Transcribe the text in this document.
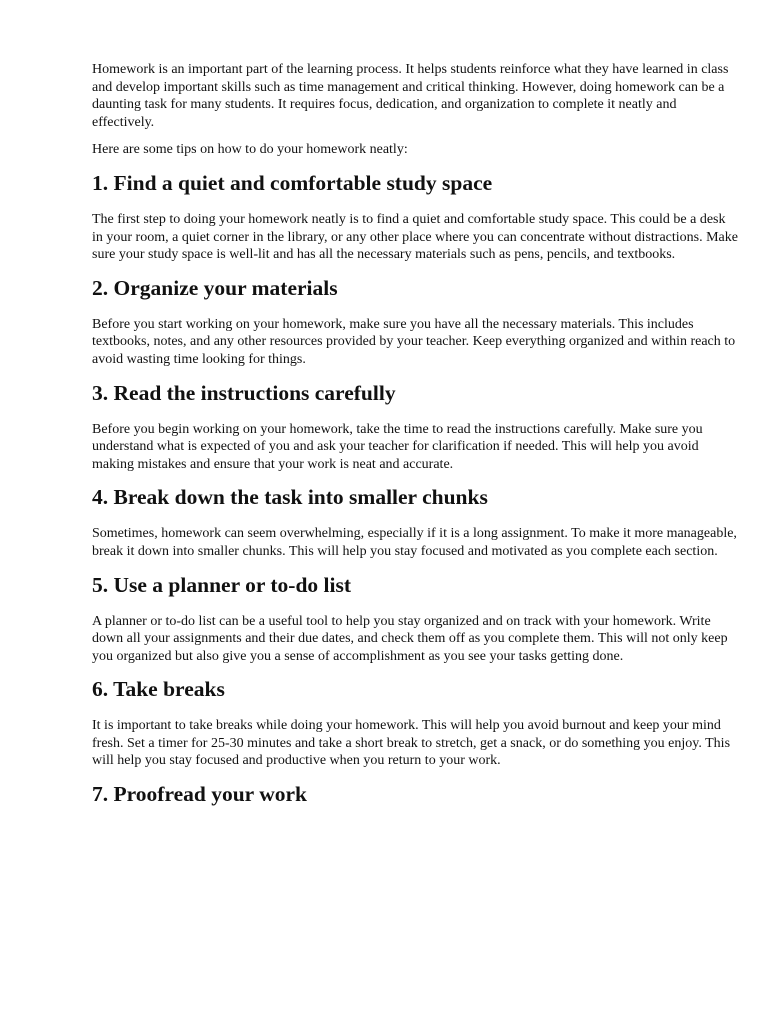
Homework is an important part of the learning process. It helps students reinforce what they have learned in class and develop important skills such as time management and critical thinking. However, doing homework can be a daunting task for many students. It requires focus, dedication, and organization to complete it neatly and effectively.

Here are some tips on how to do your homework neatly:

1. Find a quiet and comfortable study space

The first step to doing your homework neatly is to find a quiet and comfortable study space. This could be a desk in your room, a quiet corner in the library, or any other place where you can concentrate without distractions. Make sure your study space is well-lit and has all the necessary materials such as pens, pencils, and textbooks.

2. Organize your materials

Before you start working on your homework, make sure you have all the necessary materials. This includes textbooks, notes, and any other resources provided by your teacher. Keep everything organized and within reach to avoid wasting time looking for things.

3. Read the instructions carefully

Before you begin working on your homework, take the time to read the instructions carefully. Make sure you understand what is expected of you and ask your teacher for clarification if needed. This will help you avoid making mistakes and ensure that your work is neat and accurate.

4. Break down the task into smaller chunks

Sometimes, homework can seem overwhelming, especially if it is a long assignment. To make it more manageable, break it down into smaller chunks. This will help you stay focused and motivated as you complete each section.

5. Use a planner or to-do list

A planner or to-do list can be a useful tool to help you stay organized and on track with your homework. Write down all your assignments and their due dates, and check them off as you complete them. This will not only keep you organized but also give you a sense of accomplishment as you see your tasks getting done.

6. Take breaks

It is important to take breaks while doing your homework. This will help you avoid burnout and keep your mind fresh. Set a timer for 25-30 minutes and take a short break to stretch, get a snack, or do something you enjoy. This will help you stay focused and productive when you return to your work.

7. Proofread your work
